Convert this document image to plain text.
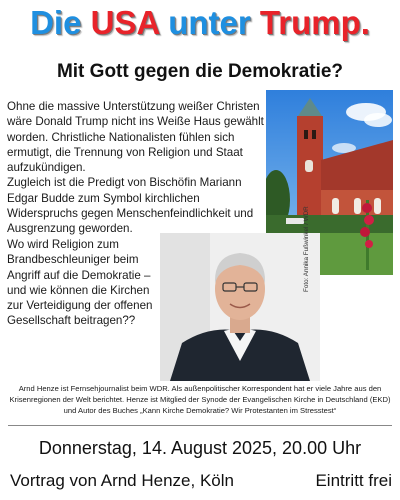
Die USA unter Trump.
Mit Gott gegen die Demokratie?

Ohne die massive Unterstützung weißer Christen wäre Donald Trump nicht ins Weiße Haus gewählt worden. Christliche Nationalisten fühlen sich ermutigt, die Trennung von Religion und Staat aufzukündigen.

Zugleich ist die Predigt von Bischöfin Mariann Edgar Budde zum Symbol kirchlichen Widerspruchs gegen Menschenfeindlichkeit und Ausgrenzung geworden.

Wo wird Religion zum Brandbeschleuniger beim Angriff auf die Demokratie – und wie können die Kirchen zur Verteidigung der offenen Gesellschaft beitragen??
Foto: Annika Fußwinkel / WDR
Arnd Henze ist Fernsehjournalist beim WDR. Als außenpolitischer Korrespondent hat er viele Jahre aus den Krisenregionen der Welt berichtet. Henze ist Mitglied der Synode der Evangelischen Kirche in Deutschland (EKD) und Autor des Buches „Kann Kirche Demokratie? Wir Protestanten im Stresstest“
Donnerstag, 14. August 2025, 20.00 Uhr
Vortrag von Arnd Henze, Köln	Eintritt frei
